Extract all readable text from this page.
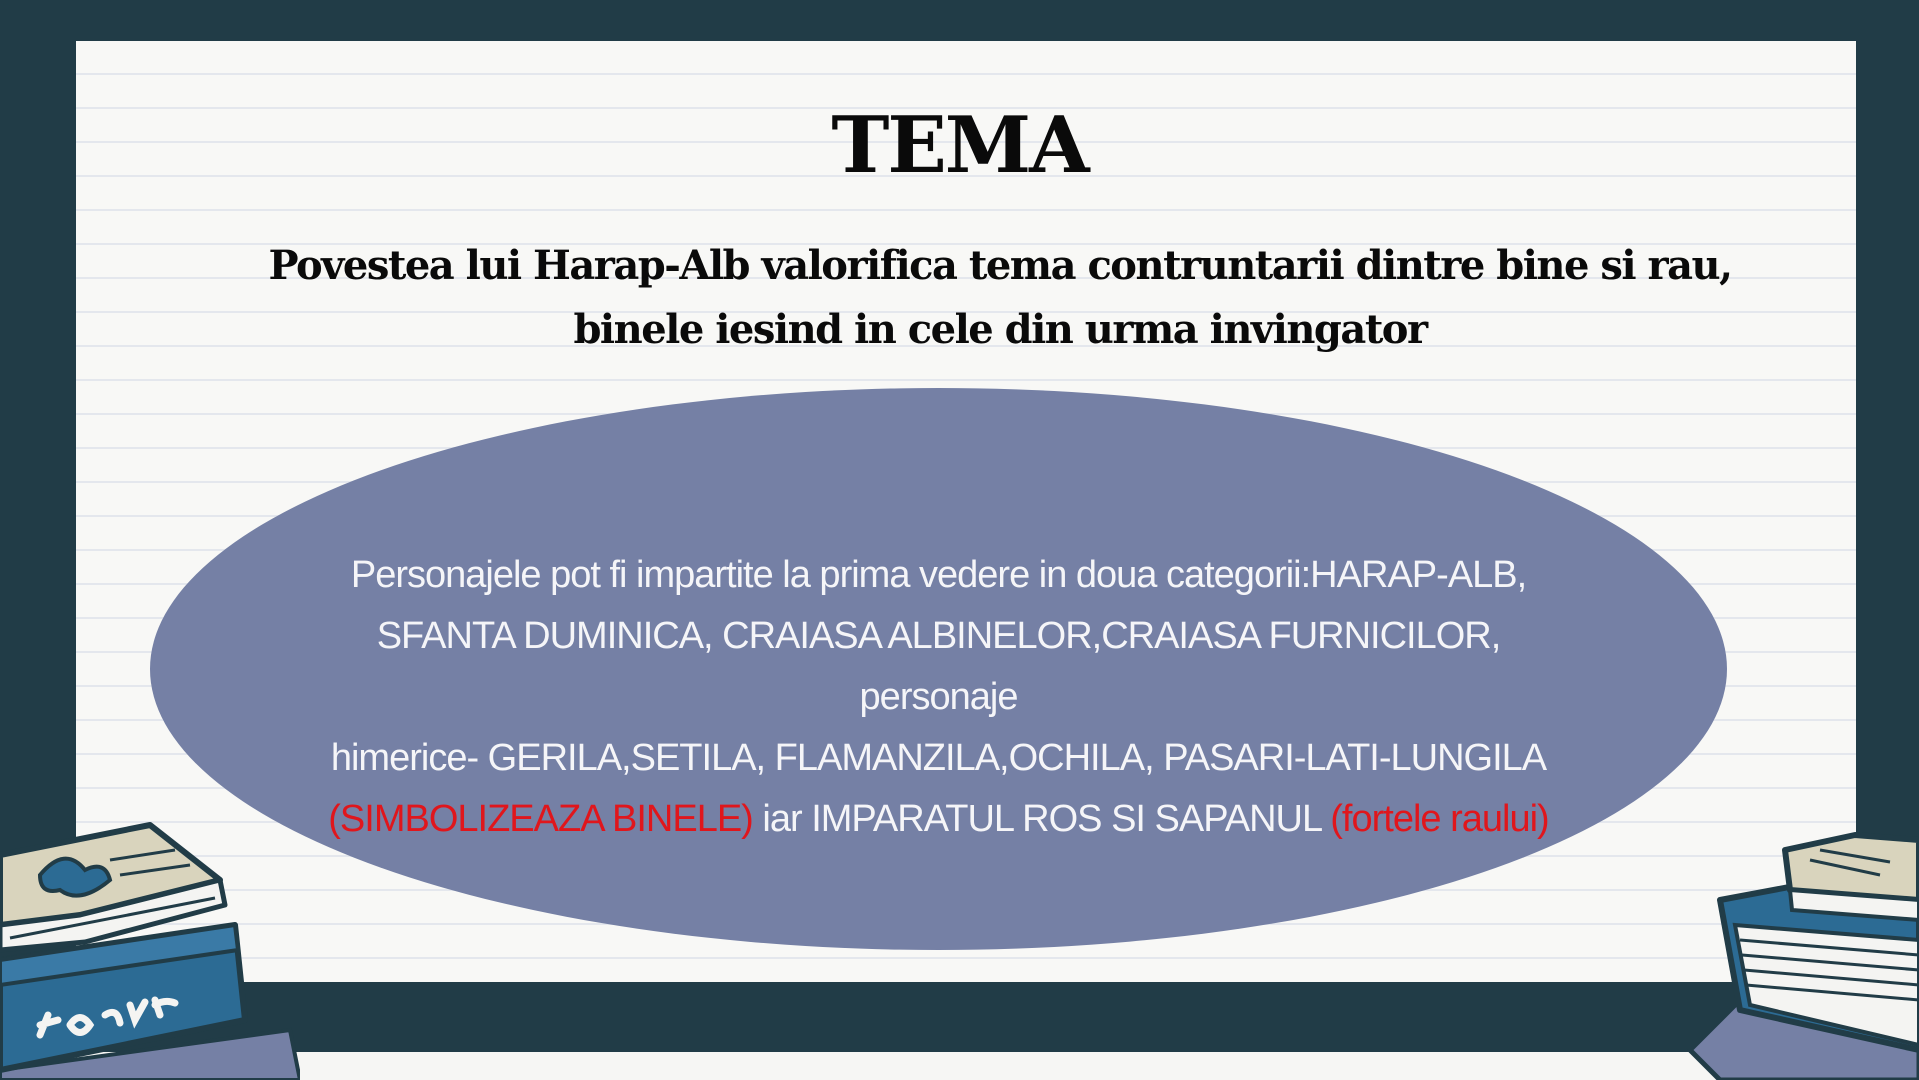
TEMA
Povestea lui Harap-Alb valorifica tema contruntarii dintre bine si rau,
binele iesind in cele din urma invingator

Personajele pot fi impartite la prima vedere in doua categorii:HARAP-ALB,
SFANTA DUMINICA, CRAIASA ALBINELOR,CRAIASA FURNICILOR, personaje
himerice- GERILA,SETILA, FLAMANZILA,OCHILA, PASARI-LATI-LUNGILA
(SIMBOLIZEAZA BINELE) iar IMPARATUL ROS SI SAPANUL (fortele raului)
